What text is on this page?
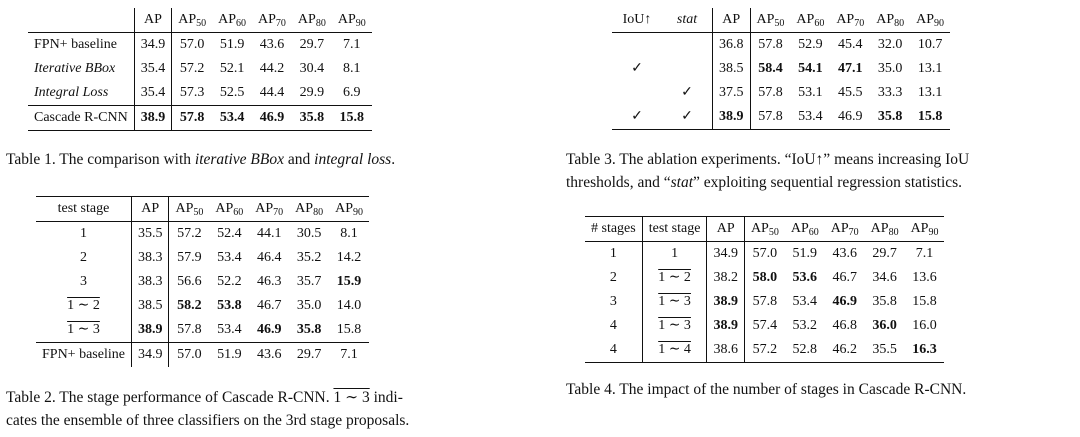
	AP	$AP_{50}$	$AP_{60}$	$AP_{70}$	$AP_{80}$	$AP_{90}$
FPN+ baseline	34.9	57.0	51.9	43.6	29.7	7.1
Iterative BBox	35.4	57.2	52.1	44.2	30.4	8.1
Integral Loss	35.4	57.3	52.5	44.4	29.9	6.9
Cascade R-CNN	38.9	57.8	53.4	46.9	35.8	15.8
Table 1. The comparison with iterative BBox and integral loss.
test stage	AP	$AP_{50}$	$AP_{60}$	$AP_{70}$	$AP_{80}$	$AP_{90}$
1	35.5	57.2	52.4	44.1	30.5	8.1
2	38.3	57.9	53.4	46.4	35.2	14.2
3	38.3	56.6	52.2	46.3	35.7	15.9
1 ∼ 2	38.5	58.2	53.8	46.7	35.0	14.0
1 ∼ 3	38.9	57.8	53.4	46.9	35.8	15.8
FPN+ baseline	34.9	57.0	51.9	43.6	29.7	7.1
Table 2. The stage performance of Cascade R-CNN. 1 ∼ 3 indi-
cates the ensemble of three classifiers on the 3rd stage proposals.
IoU↑	stat	AP	$AP_{50}$	$AP_{60}$	$AP_{70}$	$AP_{80}$	$AP_{90}$
		36.8	57.8	52.9	45.4	32.0	10.7
✓		38.5	58.4	54.1	47.1	35.0	13.1
	✓	37.5	57.8	53.1	45.5	33.3	13.1
✓	✓	38.9	57.8	53.4	46.9	35.8	15.8
Table 3. The ablation experiments. “IoU↑” means increasing IoU
thresholds, and “stat” exploiting sequential regression statistics.
# stages	test stage	AP	$AP_{50}$	$AP_{60}$	$AP_{70}$	$AP_{80}$	$AP_{90}$
1	1	34.9	57.0	51.9	43.6	29.7	7.1
2	1 ∼ 2	38.2	58.0	53.6	46.7	34.6	13.6
3	1 ∼ 3	38.9	57.8	53.4	46.9	35.8	15.8
4	1 ∼ 3	38.9	57.4	53.2	46.8	36.0	16.0
4	1 ∼ 4	38.6	57.2	52.8	46.2	35.5	16.3
Table 4. The impact of the number of stages in Cascade R-CNN.
